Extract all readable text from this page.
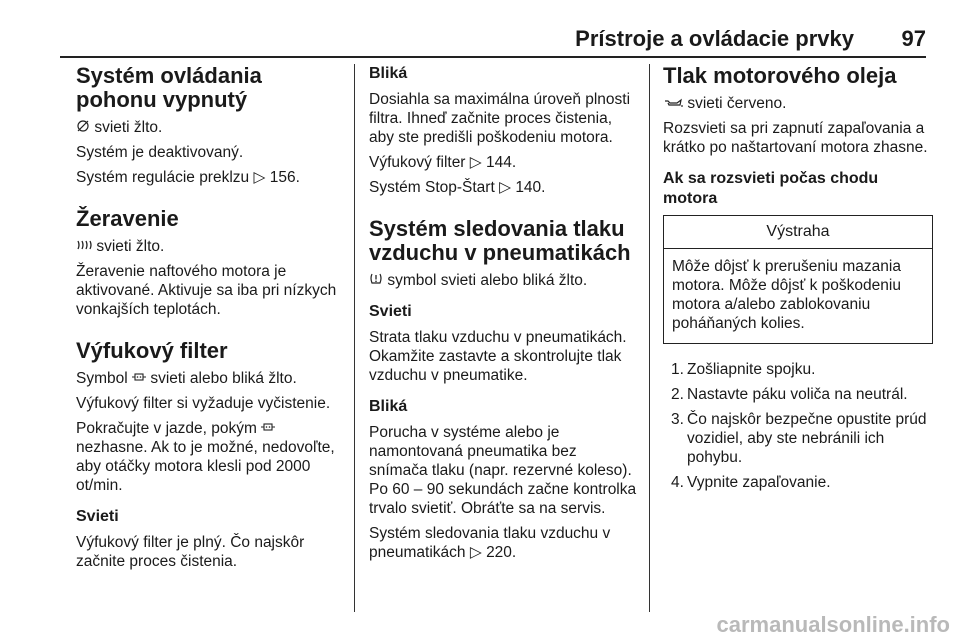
Prístroje a ovládacie prvky 97
Systém ovládania pohonu vypnutý

svieti žlto.

Systém je deaktivovaný.

Systém regulácie preklzu ▷ 156.

Žeravenie

svieti žlto.

Žeravenie naftového motora je aktivované. Aktivuje sa iba pri nízkych vonkajších teplotách.

Výfukový filter

Symbol svieti alebo bliká žlto.

Výfukový filter si vyžaduje vyčistenie.

Pokračujte v jazde, pokým  nezhasne. Ak to je možné, nedovoľte, aby otáčky motora klesli pod 2000 ot/min.

Svieti

Výfukový filter je plný. Čo najskôr začnite proces čistenia.

Bliká

Dosiahla sa maximálna úroveň plnosti filtra. Ihneď začnite proces čistenia, aby ste predišli poškodeniu motora.

Výfukový filter ▷ 144.

Systém Stop-Štart ▷ 140.

Systém sledovania tlaku vzduchu v pneumatikách

symbol svieti alebo bliká žlto.

Svieti

Strata tlaku vzduchu v pneumatikách. Okamžite zastavte a skontrolujte tlak vzduchu v pneumatike.

Bliká

Porucha v systéme alebo je namontovaná pneumatika bez snímača tlaku (napr. rezervné koleso). Po 60 – 90 sekundách začne kontrolka trvalo svietiť. Obráťte sa na servis.

Systém sledovania tlaku vzduchu v pneumatikách ▷ 220.

Tlak motorového oleja

svieti červeno.

Rozsvieti sa pri zapnutí zapaľovania a krátko po naštartovaní motora zhasne.

Ak sa rozsvieti počas chodu motora
Výstraha
Môže dôjsť k prerušeniu mazania motora. Môže dôjsť k poškodeniu motora a/alebo zablokovaniu poháňaných kolies.
1. Zošliapnite spojku.
2. Nastavte páku voliča na neutrál.
3. Čo najskôr bezpečne opustite prúd vozidiel, aby ste nebránili ich pohybu.
4. Vypnite zapaľovanie.
carmanualsonline.info
